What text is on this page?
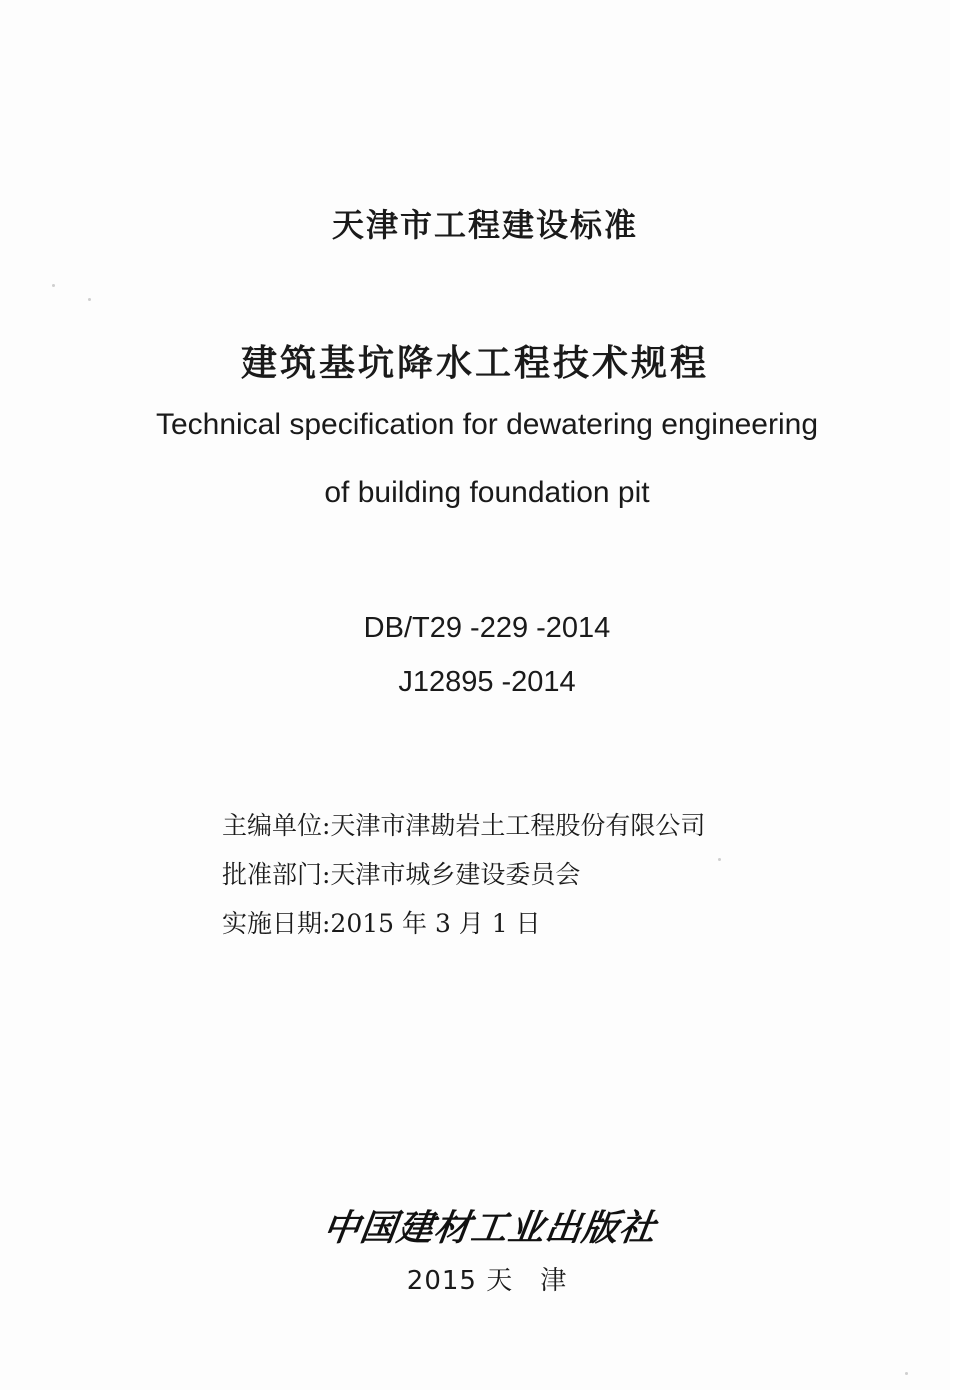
天津市工程建设标准
建筑基坑降水工程技术规程
Technical specification for dewatering engineering
of building foundation pit
DB/T29 -229 -2014
J12895 -2014
主编单位:天津市津勘岩土工程股份有限公司
批准部门:天津市城乡建设委员会
实施日期:2015 年 3 月 1 日
中国建材工业出版社
2015 天　津
